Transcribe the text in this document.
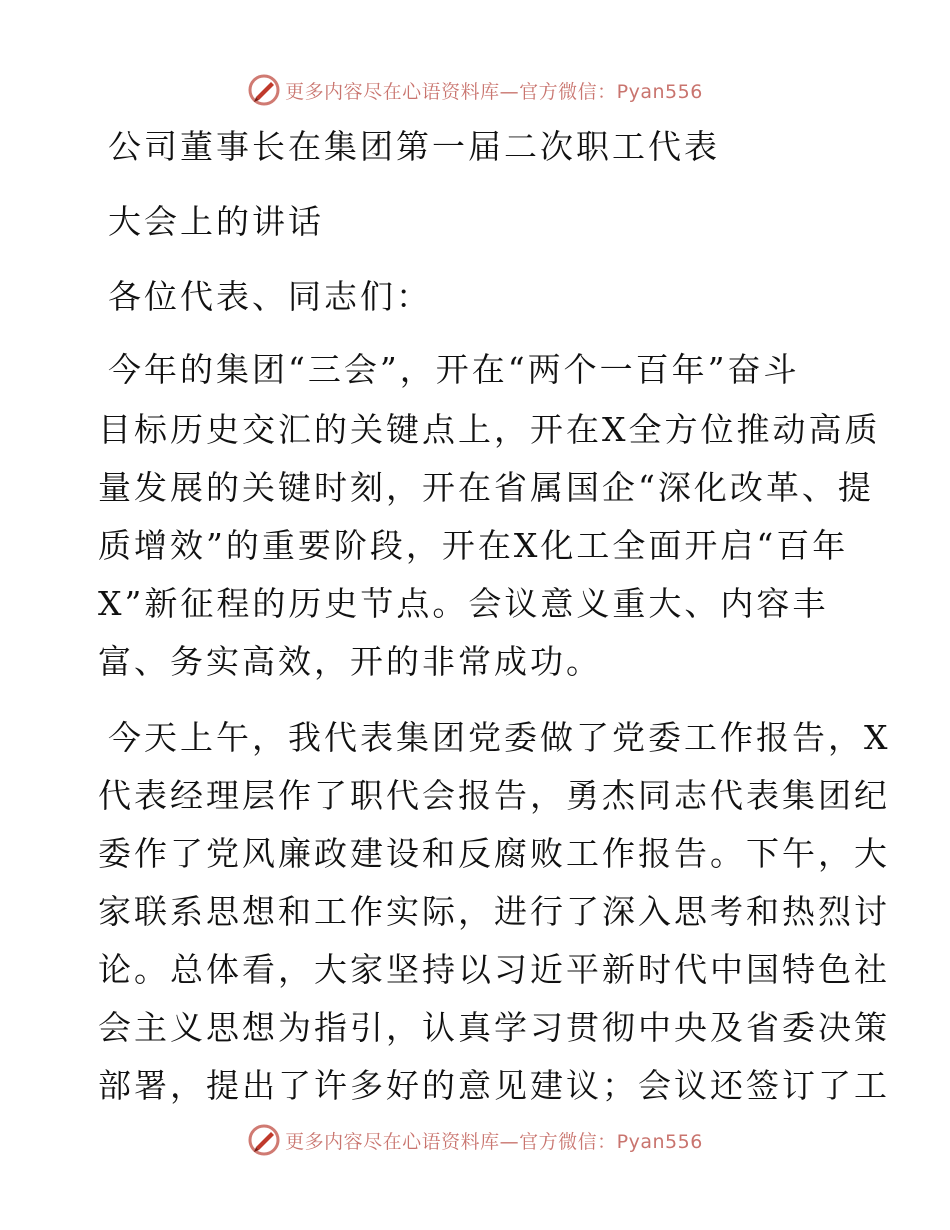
更多内容尽在心语资料库—官方微信：Pyan556
公司董事长在集团第一届二次职工代表
大会上的讲话
各位代表、同志们：
今年的集团“三会”，开在“两个一百年”奋斗
目标历史交汇的关键点上，开在X全方位推动高质
量发展的关键时刻，开在省属国企“深化改革、提
质增效”的重要阶段，开在X化工全面开启“百年
X”新征程的历史节点。会议意义重大、内容丰
富、务实高效，开的非常成功。
今天上午，我代表集团党委做了党委工作报告，X
代表经理层作了职代会报告，勇杰同志代表集团纪
委作了党风廉政建设和反腐败工作报告。下午，大
家联系思想和工作实际，进行了深入思考和热烈讨
论。总体看，大家坚持以习近平新时代中国特色社
会主义思想为指引，认真学习贯彻中央及省委决策
部署，提出了许多好的意见建议；会议还签订了工
更多内容尽在心语资料库—官方微信：Pyan556
